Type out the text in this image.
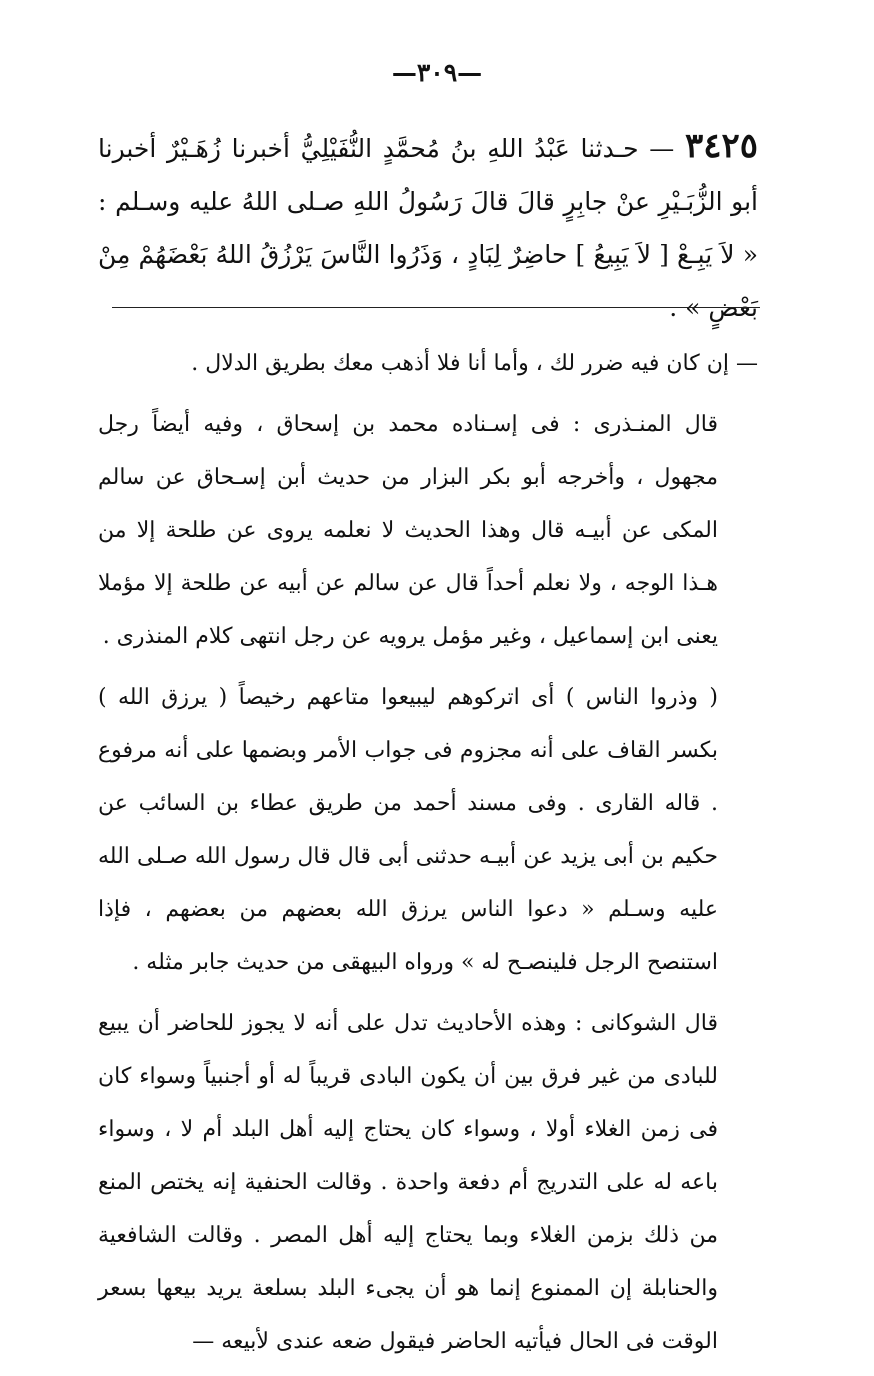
—٣٠٩—
٣٤٢٥ — حـدثنا عَبْدُ اللهِ بنُ مُحمَّدٍ النُّفَيْلِيُّ أخبرنا زُهَـيْرٌ أخبرنا أبو الزُّبَـيْرِ عنْ جابِرٍ قالَ قالَ رَسُولُ اللهِ صـلى اللهُ عليه وسـلم : « لاَ يَبِـعْ [ لاَ يَبِيعُ ] حاضِرٌ لِبَادٍ ، وَذَرُوا النَّاسَ يَرْزُقُ اللهُ بَعْضَهُمْ مِنْ بَعْضٍ » .

— إن كان فيه ضرر لك ، وأما أنا فلا أذهب معك بطريق الدلال .

قال المنـذرى : فى إسـناده محمد بن إسحاق ، وفيه أيضاً رجل مجهول ، وأخرجه أبو بكر البزار من حديث أبن إسـحاق عن سالم المكى عن أبيـه قال وهذا الحديث لا نعلمه يروى عن طلحة إلا من هـذا الوجه ، ولا نعلم أحداً قال عن سالم عن أبيه عن طلحة إلا مؤملا يعنى ابن إسماعيل ، وغير مؤمل يرويه عن رجل انتهى كلام المنذرى .

( وذروا الناس ) أى اتركوهم ليبيعوا متاعهم رخيصاً ( يرزق الله ) بكسر القاف على أنه مجزوم فى جواب الأمر وبضمها على أنه مرفوع . قاله القارى . وفى مسند أحمد من طريق عطاء بن السائب عن حكيم بن أبى يزيد عن أبيـه حدثنى أبى قال قال رسول الله صـلى الله عليه وسـلم « دعوا الناس يرزق الله بعضهم من بعضهم ، فإذا استنصح الرجل فلينصـح له » ورواه البيهقى من حديث جابر مثله .

قال الشوكانى : وهذه الأحاديث تدل على أنه لا يجوز للحاضر أن يبيع للبادى من غير فرق بين أن يكون البادى قريباً له أو أجنبياً وسواء كان فى زمن الغلاء أولا ، وسواء كان يحتاج إليه أهل البلد أم لا ، وسواء باعه له على التدريج أم دفعة واحدة . وقالت الحنفية إنه يختص المنع من ذلك بزمن الغلاء وبما يحتاج إليه أهل المصر . وقالت الشافعية والحنابلة إن الممنوع إنما هو أن يجىء البلد بسلعة يريد بيعها بسعر الوقت فى الحال فيأتيه الحاضر فيقول ضعه عندى لأبيعه —
